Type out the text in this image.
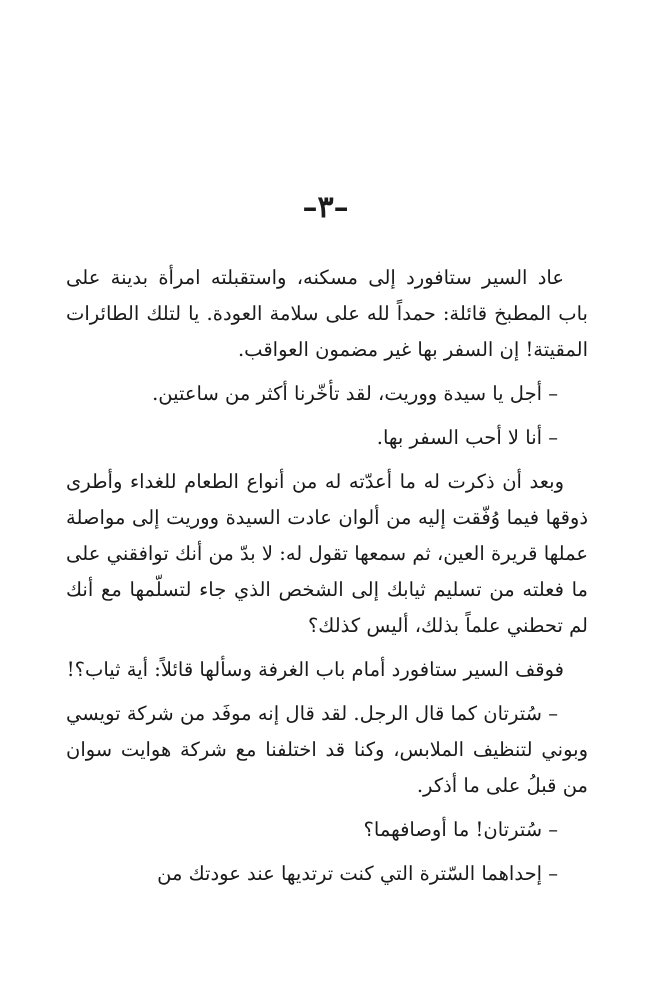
–٣–

عاد السير ستافورد إلى مسكنه، واستقبلته امرأة بدينة على باب المطبخ قائلة: حمداً لله على سلامة العودة. يا لتلك الطائرات المقيتة! إن السفر بها غير مضمون العواقب.

– أجل يا سيدة ووريت، لقد تأخّرنا أكثر من ساعتين.

– أنا لا أحب السفر بها.

وبعد أن ذكرت له ما أعدّته له من أنواع الطعام للغداء وأطرى ذوقها فيما وُفّقت إليه من ألوان عادت السيدة ووريت إلى مواصلة عملها قريرة العين، ثم سمعها تقول له: لا بدّ من أنك توافقني على ما فعلته من تسليم ثيابك إلى الشخص الذي جاء لتسلّمها مع أنك لم تحطني علماً بذلك، أليس كذلك؟

فوقف السير ستافورد أمام باب الغرفة وسألها قائلاً: أية ثياب؟!

– سُترتان كما قال الرجل. لقد قال إنه موفَد من شركة تويسي وبوني لتنظيف الملابس، وكنا قد اختلفنا مع شركة هوايت سوان من قبلُ على ما أذكر.

– سُترتان! ما أوصافهما؟

– إحداهما السّترة التي كنت ترتديها عند عودتك من
